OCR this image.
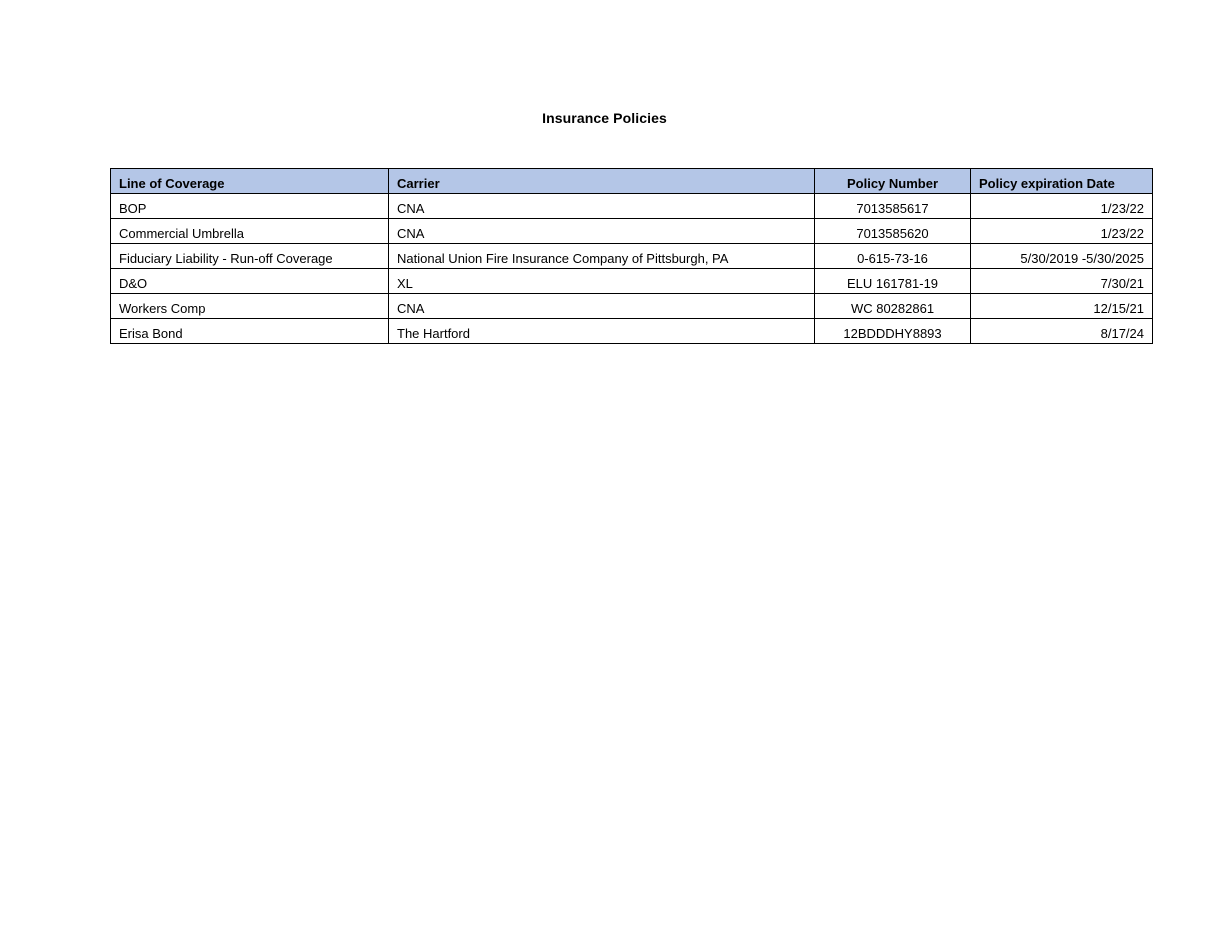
Insurance Policies
Line of Coverage	Carrier	Policy Number	Policy expiration Date
BOP	CNA	7013585617	1/23/22
Commercial Umbrella	CNA	7013585620	1/23/22
Fiduciary Liability - Run-off Coverage	National Union Fire Insurance Company of Pittsburgh, PA	0-615-73-16	5/30/2019 -5/30/2025
D&O	XL	ELU 161781-19	7/30/21
Workers Comp	CNA	WC 80282861	12/15/21
Erisa Bond	The Hartford	12BDDDHY8893	8/17/24
